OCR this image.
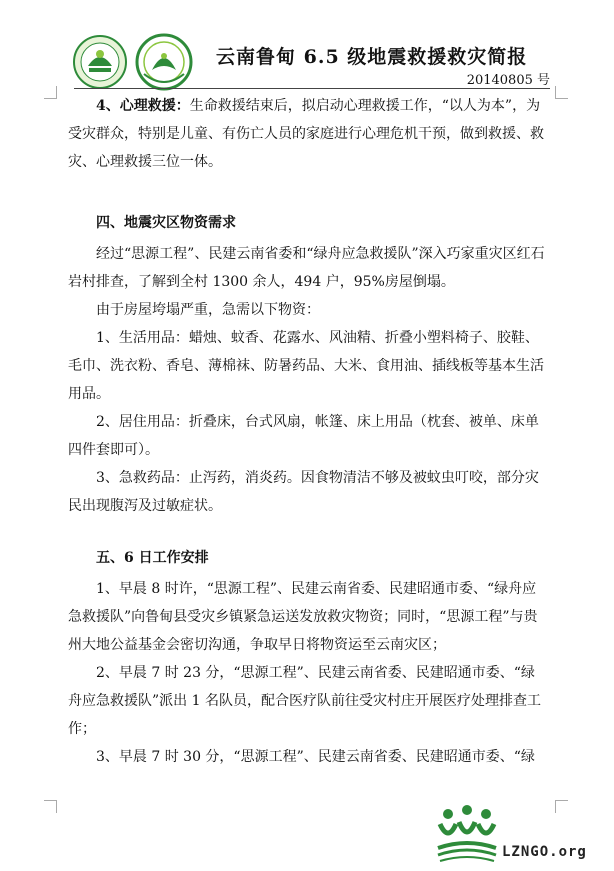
云南鲁甸 6.5 级地震救援救灾简报
20140805 号

4、心理救援：生命救援结束后，拟启动心理救援工作，“以人为本”，为受灾群众，特别是儿童、有伤亡人员的家庭进行心理危机干预，做到救援、救灾、心理救援三位一体。

四、地震灾区物资需求

经过“思源工程”、民建云南省委和“绿舟应急救援队”深入巧家重灾区红石岩村排查，了解到全村 1300 余人，494 户，95%房屋倒塌。

由于房屋垮塌严重，急需以下物资：

1、生活用品：蜡烛、蚊香、花露水、风油精、折叠小塑料椅子、胶鞋、毛巾、洗衣粉、香皂、薄棉袜、防暑药品、大米、食用油、插线板等基本生活用品。

2、居住用品：折叠床，台式风扇，帐篷、床上用品（枕套、被单、床单四件套即可）。

3、急救药品：止泻药，消炎药。因食物清洁不够及被蚊虫叮咬，部分灾民出现腹泻及过敏症状。

五、6 日工作安排

1、早晨 8 时许，“思源工程”、民建云南省委、民建昭通市委、“绿舟应急救援队”向鲁甸县受灾乡镇紧急运送发放救灾物资；同时，“思源工程”与贵州大地公益基金会密切沟通，争取早日将物资运至云南灾区；

2、早晨 7 时 23 分，“思源工程”、民建云南省委、民建昭通市委、“绿舟应急救援队”派出 1 名队员，配合医疗队前往受灾村庄开展医疗处理排查工作；

3、早晨 7 时 30 分，“思源工程”、民建云南省委、民建昭通市委、“绿

LZNGO.org
